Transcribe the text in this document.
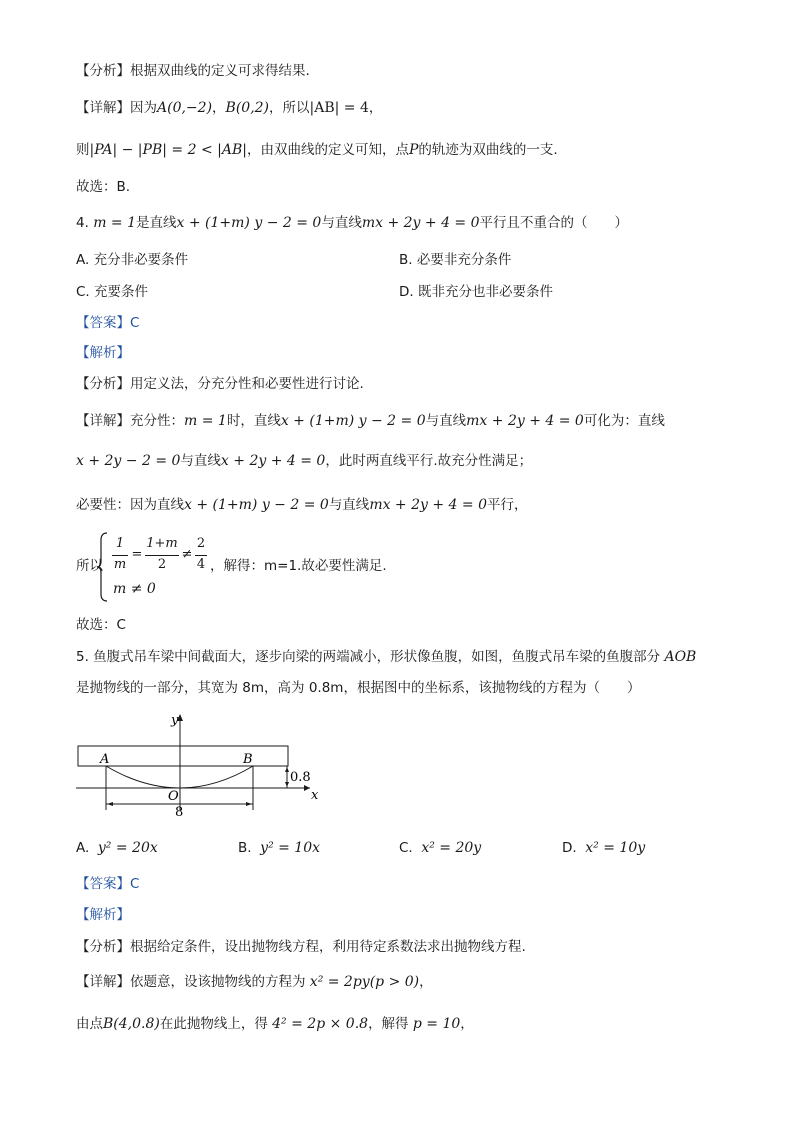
【分析】根据双曲线的定义可求得结果.
【详解】因为A(0,−2)，B(0,2)，所以|AB| = 4，
则|PA| − |PB| = 2 < |AB|，由双曲线的定义可知，点P的轨迹为双曲线的一支.
故选：B.
4. m = 1是直线x + (1+m) y − 2 = 0与直线mx + 2y + 4 = 0平行且不重合的（　　）
A. 充分非必要条件	B. 必要非充分条件
C. 充要条件	D. 既非充分也非必要条件
【答案】C
【解析】
【分析】用定义法，分充分性和必要性进行讨论.
【详解】充分性：m = 1时，直线x + (1+m) y − 2 = 0与直线mx + 2y + 4 = 0可化为：直线
x + 2y − 2 = 0与直线x + 2y + 4 = 0，此时两直线平行.故充分性满足；
必要性：因为直线x + (1+m) y − 2 = 0与直线mx + 2y + 4 = 0平行，
所以
1
m
=
1+m
2
≠
2
4
m ≠ 0
，解得：m=1.故必要性满足.
故选：C
5. 鱼腹式吊车梁中间截面大，逐步向梁的两端减小，形状像鱼腹，如图，鱼腹式吊车梁的鱼腹部分 AOB
是抛物线的一部分，其宽为 8m，高为 0.8m，根据图中的坐标系，该抛物线的方程为（　　）
y
x
A	B
O
0.8
8
A. y² = 20x	B. y² = 10x	C. x² = 20y	D. x² = 10y
【答案】C
【解析】
【分析】根据给定条件，设出抛物线方程，利用待定系数法求出抛物线方程.
【详解】依题意，设该抛物线的方程为 x² = 2py(p > 0)，
由点B(4,0.8)在此抛物线上，得 4² = 2p × 0.8，解得 p = 10，
